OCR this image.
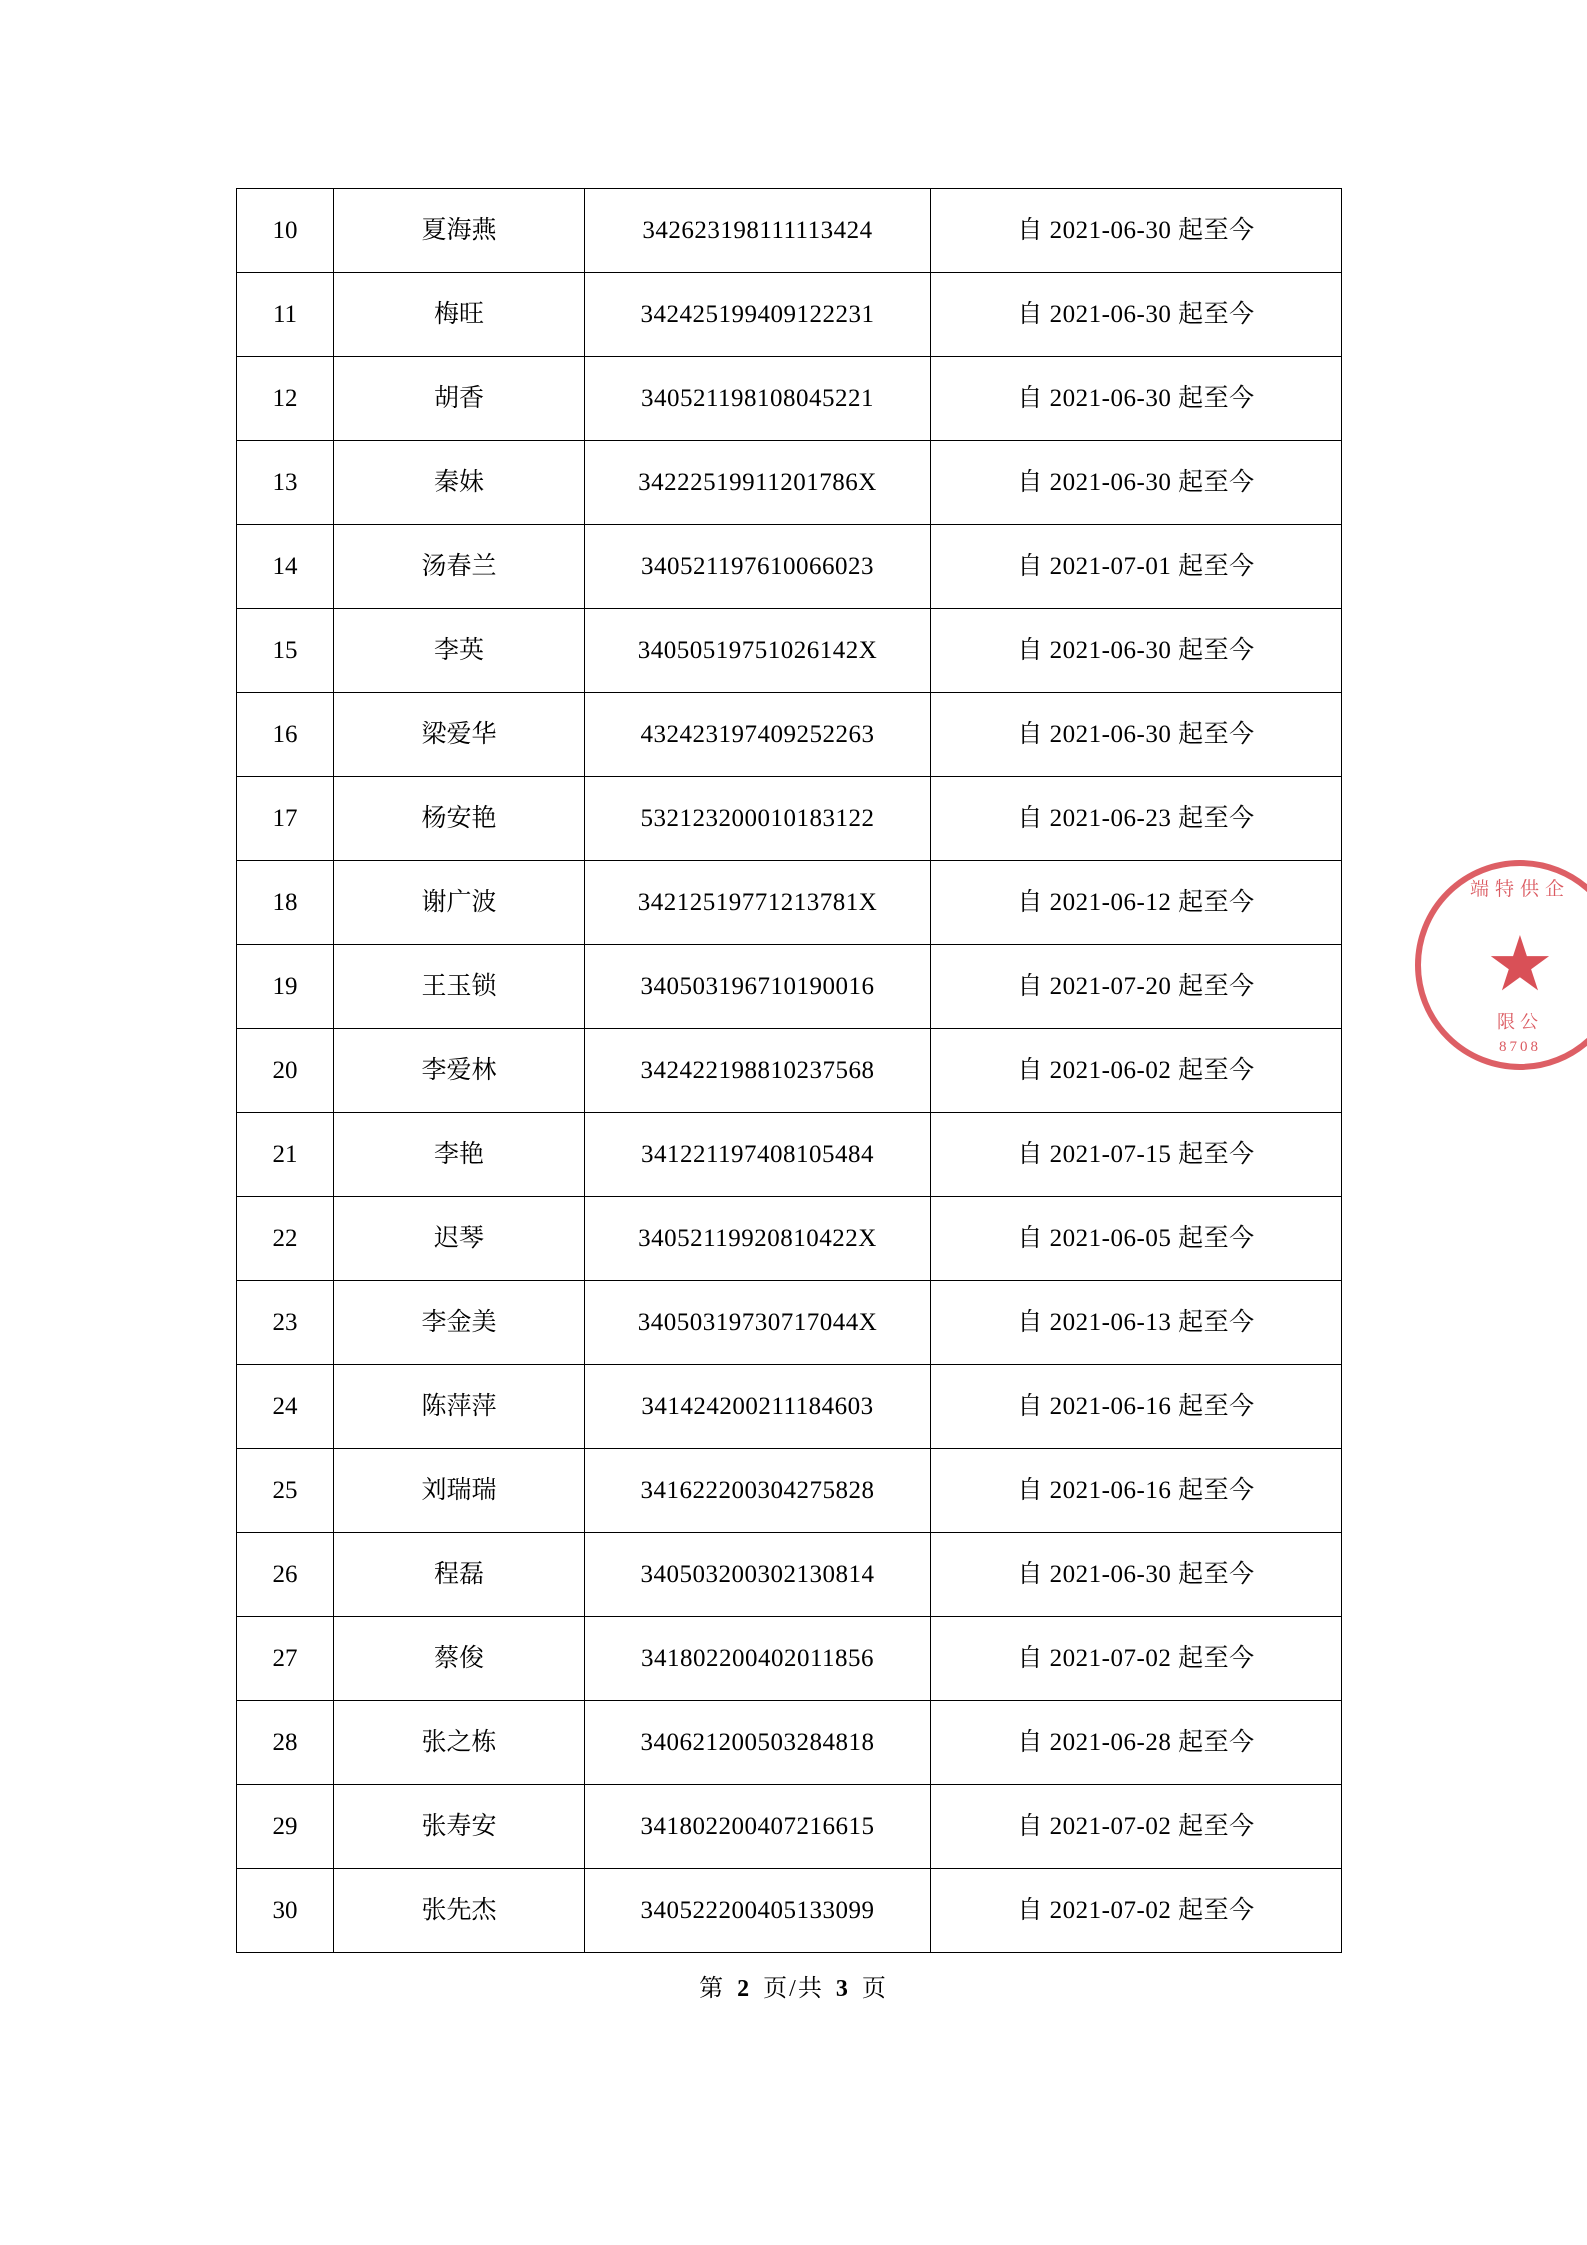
10	夏海燕	342623198111113424	自 2021-06-30 起至今
11	梅旺	342425199409122231	自 2021-06-30 起至今
12	胡香	340521198108045221	自 2021-06-30 起至今
13	秦妹	34222519911201786X	自 2021-06-30 起至今
14	汤春兰	340521197610066023	自 2021-07-01 起至今
15	李英	34050519751026142X	自 2021-06-30 起至今
16	梁爱华	432423197409252263	自 2021-06-30 起至今
17	杨安艳	532123200010183122	自 2021-06-23 起至今
18	谢广波	34212519771213781X	自 2021-06-12 起至今
19	王玉锁	340503196710190016	自 2021-07-20 起至今
20	李爱林	342422198810237568	自 2021-06-02 起至今
21	李艳	341221197408105484	自 2021-07-15 起至今
22	迟琴	34052119920810422X	自 2021-06-05 起至今
23	李金美	34050319730717044X	自 2021-06-13 起至今
24	陈萍萍	341424200211184603	自 2021-06-16 起至今
25	刘瑞瑞	341622200304275828	自 2021-06-16 起至今
26	程磊	340503200302130814	自 2021-06-30 起至今
27	蔡俊	341802200402011856	自 2021-07-02 起至今
28	张之栋	340621200503284818	自 2021-06-28 起至今
29	张寿安	341802200407216615	自 2021-07-02 起至今
30	张先杰	340522200405133099	自 2021-07-02 起至今
第 2 页/共 3 页
端特供企
★
限公
8708
